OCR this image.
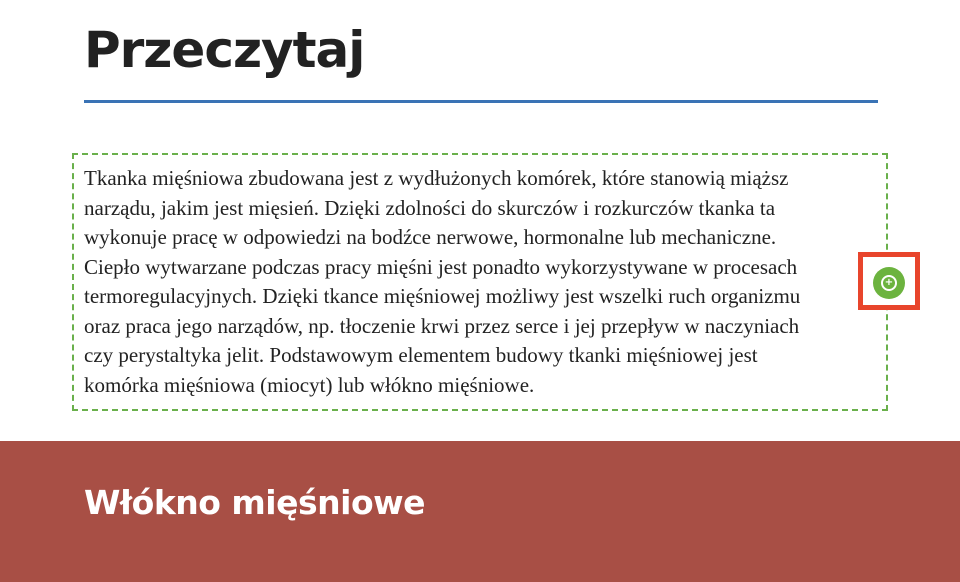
Przeczytaj

Tkanka mięśniowa zbudowana jest z wydłużonych komórek, które stanowią miąższ
narządu, jakim jest mięsień. Dzięki zdolności do skurczów i rozkurczów tkanka ta
wykonuje pracę w odpowiedzi na bodźce nerwowe, hormonalne lub mechaniczne.
Ciepło wytwarzane podczas pracy mięśni jest ponadto wykorzystywane w procesach
termoregulacyjnych. Dzięki tkance mięśniowej możliwy jest wszelki ruch organizmu
oraz praca jego narządów, np. tłoczenie krwi przez serce i jej przepływ w naczyniach
czy perystaltyka jelit. Podstawowym elementem budowy tkanki mięśniowej jest
komórka mięśniowa (miocyt) lub włókno mięśniowe.

+
Włókno mięśniowe
